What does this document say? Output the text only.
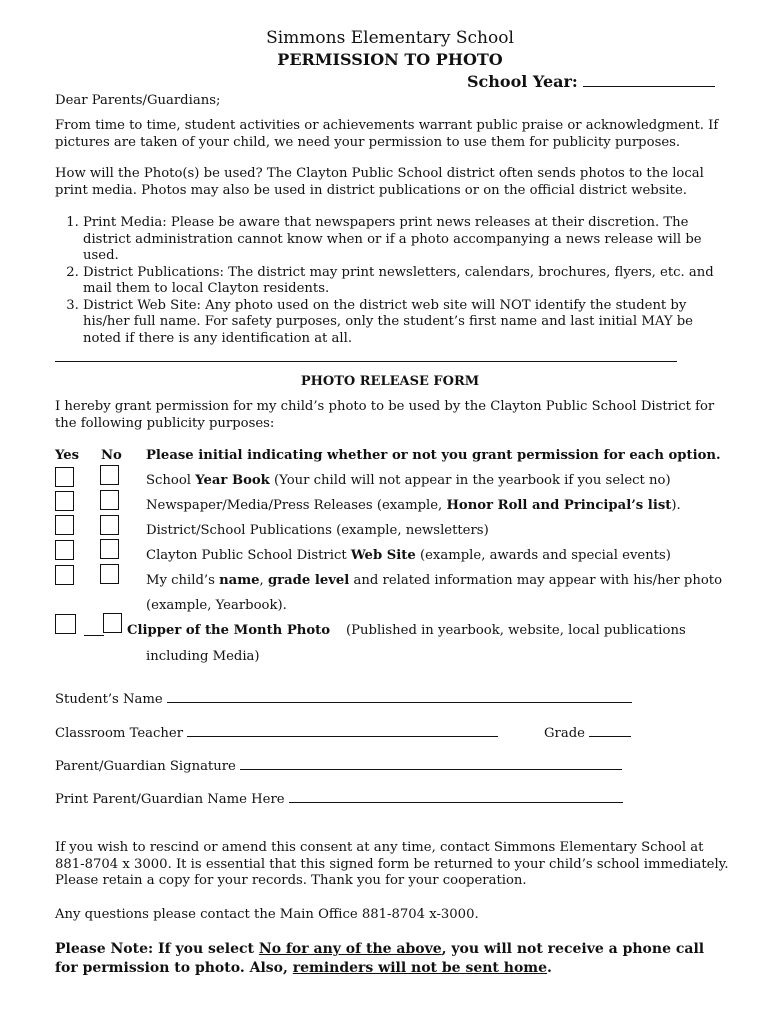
Simmons Elementary School
PERMISSION TO PHOTO
School Year:
Dear Parents/Guardians;
From time to time, student activities or achievements warrant public praise or acknowledgment. If pictures are taken of your child, we need your permission to use them for publicity purposes.
How will the Photo(s) be used? The Clayton Public School district often sends photos to the local print media. Photos may also be used in district publications or on the official district website.
1. Print Media: Please be aware that newspapers print news releases at their discretion. The district administration cannot know when or if a photo accompanying a news release will be used.
2. District Publications: The district may print newsletters, calendars, brochures, flyers, etc. and mail them to local Clayton residents.
3. District Web Site: Any photo used on the district web site will NOT identify the student by his/her full name. For safety purposes, only the student’s first name and last initial MAY be noted if there is any identification at all.
PHOTO RELEASE FORM
I hereby grant permission for my child’s photo to be used by the Clayton Public School District for the following publicity purposes:
Yes No Please initial indicating whether or not you grant permission for each option.
School Year Book (Your child will not appear in the yearbook if you select no)
Newspaper/Media/Press Releases (example, Honor Roll and Principal’s list).
District/School Publications (example, newsletters)
Clayton Public School District Web Site (example, awards and special events)
My child’s name, grade level and related information may appear with his/her photo
(example, Yearbook).
Clipper of the Month Photo (Published in yearbook, website, local publications
including Media)
Student’s Name
Classroom Teacher	Grade
Parent/Guardian Signature
Print Parent/Guardian Name Here
If you wish to rescind or amend this consent at any time, contact Simmons Elementary School at 881-8704 x 3000. It is essential that this signed form be returned to your child’s school immediately. Please retain a copy for your records. Thank you for your cooperation.
Any questions please contact the Main Office 881-8704 x-3000.
Please Note: If you select No for any of the above, you will not receive a phone call
for permission to photo. Also, reminders will not be sent home.
